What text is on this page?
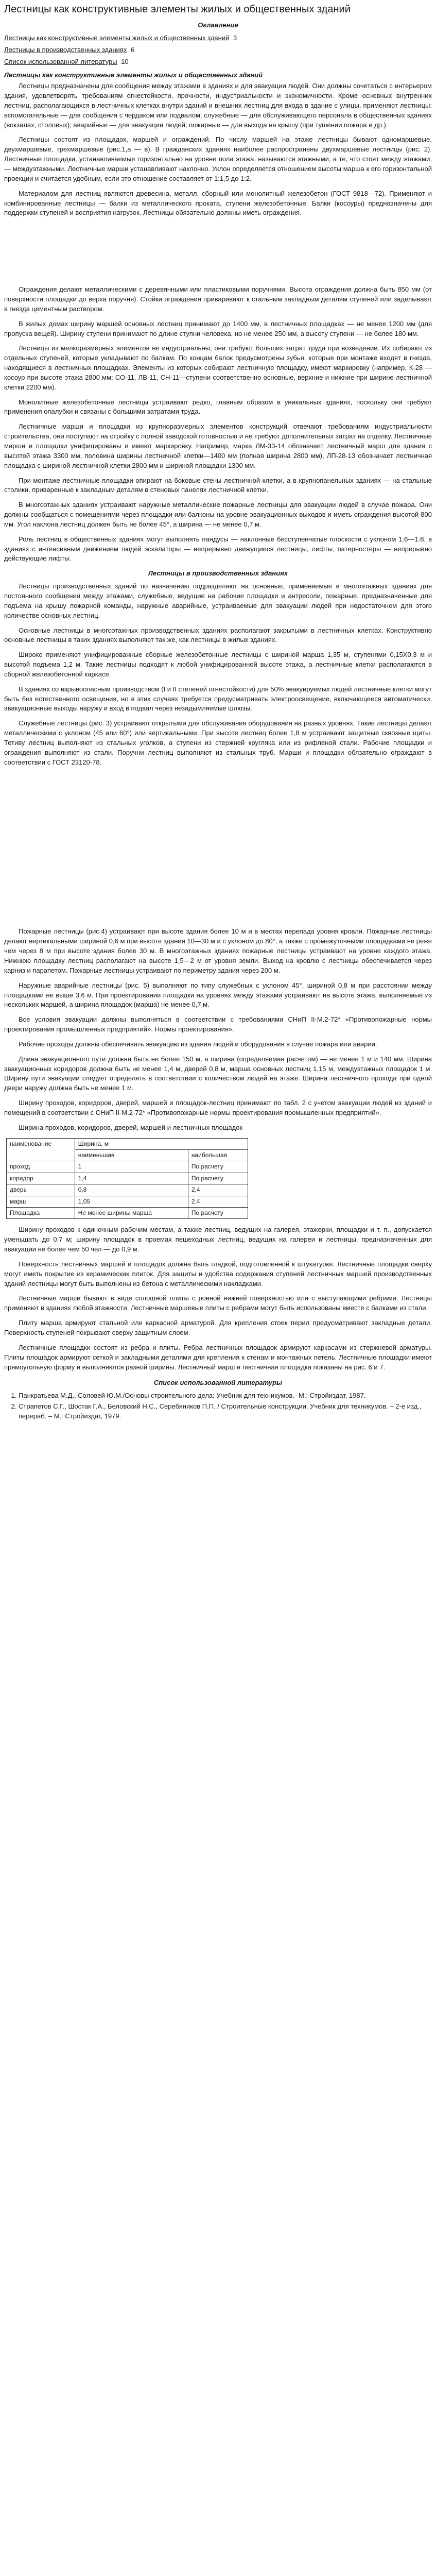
Лестницы как конструктивные элементы жилых и общественных зданий
Оглавление
Лестницы как конструктивные элементы жилых и общественных зданий 3
Лестницы в производственных зданиях 6
Список использованной литературы 10
Лестницы как конструктивные элементы жилых и общественных зданий

Лестницы предназначены для сообщения между этажами в зданиях и для эвакуации людей. Они должны сочетаться с интерьером здания, удовлетворять требованиям огнестойкости, прочности, индустриальности и экономичности. Кроме основных внутренних лестниц, располагающихся в лестничных клетках внутри зданий и внешних лестниц для входа в здание с улицы, применяют лестницы: вспомогательные — для сообщения с чердаком или подвалом; служебные — для обслуживающего персонала в общественных зданиях (вокзалах, столовых); аварийные — для эвакуации людей; пожарные — для выхода на крышу (при тушении пожара и др.).

Лестницы состоят из площадок, маршей и ограждений. По числу маршей на этаже лестницы бывают одномаршевые, двухмаршевые, трехмаршевые (рис.1,а — в). В гражданских зданиях наиболее распространены двухмаршевые лестницы (рис. 2). Лестничные площадки, устанавливаемые горизонтально на уровне пола этажа, называются этажными, а те, что стоят между этажами, — междуэтажными. Лестничные марши устанавливают наклонно. Уклон определяется отношением высоты марша к его горизонтальной проекции и считается удобным, если это отношение составляет от 1:1,5 до 1:2.

Материалом для лестниц являются древесина, металл, сборный или монолитный железобетон (ГОСТ 9818—72). Применяют и комбинированные лестницы — балки из металлического проката, ступени железобетонные. Балки (косоуры) предназначены для поддержки ступеней и восприятия нагрузок. Лестницы обязательно должны иметь ограждения.

Ограждения делают металлическими с деревянными или пластиковыми поручнями. Высота ограждения должна быть 850 мм (от поверхности площадки до верха поручня). Стойки ограждения приваривают к стальным закладным деталям ступеней или заделывают в гнезда цементным раствором.

В жилых домах ширину маршей основных лестниц принимают до 1400 мм, в лестничных площадках — не менее 1200 мм (для пропуска вещей). Ширину ступени принимают по длине ступни человека, но не менее 250 мм, а высоту ступени — не более 180 мм.

Лестницы из мелкоразмерных элементов не индустриальны, они требуют больших затрат труда при возведении. Их собирают из отдельных ступеней, которые укладывают по балкам. По концам балок предусмотрены зубья, которые при монтаже входят в гнезда, находящиеся в лестничных площадках. Элементы из которых собирают лестничную площадку, имеют маркировку (например, К-28 — косоур при высоте этажа 2800 мм; СО-11, ЛВ-11, СН-11—ступени соответственно основные, верхние и нижние при ширине лестничной клетки 2200 мм).

Монолитные железобетонные лестницы устраивают редко, главным образом в уникальных зданиях, поскольку они требуют применения опалубки и связаны с большими затратами труда.

Лестничные марши и площадки из крупноразмерных элементов конструкций отвечают требованиям индустриальности строительства, они поступают на стройку с полной заводской готовностью и не требуют дополнительных затрат на отделку. Лестничные марши и площадки унифицированы и имеют маркировку. Например, марка ЛМ-33-14 обозначает лестничный марш для здания с высотой этажа 3300 мм, половина ширины лестничной клетки—1400 мм (полная ширина 2800 мм), ЛП-28-13 обозначает лестничная площадка с шириной лестничной клетки 2800 мм и шириной площадки 1300 мм.

При монтаже лестничные площадки опирают на боковые стены лестничной клетки, а в крупнопанельных зданиях — на стальные столики, приваренные к закладным деталям в стеновых панелях лестничной клетки.

В многоэтажных зданиях устраивают наружные металлические пожарные лестницы для эвакуации людей в случае пожара. Они должны сообщаться с помещениями через площадки или балконы на уровне эвакуационных выходов и иметь ограждения высотой 800 мм. Угол наклона лестниц должен быть не более 45°, а ширина — не менее 0,7 м.

Роль лестниц в общественных зданиях могут выполнять пандусы — наклонные бесступенчатые плоскости с уклоном 1:6—1:8, в зданиях с интенсивным движением людей эскалаторы — непрерывно движущиеся лестницы, лифты, патерностеры — непрерывно действующие лифты.

Лестницы в производственных зданиях

Лестницы производственных зданий по назначению подразделяют на основные, применяемые в многоэтажных зданиях для постоянного сообщения между этажами, служебные, ведущие на рабочие площадки и антресоли, пожарные, предназначенные для подъема на крышу пожарной команды, наружные аварийные, устраиваемые для эвакуации людей при недостаточном для этого количестве основных лестниц.

Основные лестницы в многоэтажных производственных зданиях располагают закрытыми в лестничных клетках. Конструктивно основные лестницы в таких зданиях выполняют так же, как лестницы в жилых зданиях.

Широко применяют унифицированные сборные железобетонные лестницы с шириной марша 1,35 м, ступенями 0,15Х0,3 м и высотой подъема 1,2 м. Такие лестницы подходят к любой унифицированной высоте этажа, а лестничные клетки располагаются в сборной железобетонной каркасе.

В зданиях со взрывоопасным производством (I и II степеней огнестойкости) для 50% эвакуируемых людей лестничные клетки могут быть без естественного освещения, но в этих случаях требуется предусматривать электроосвещение, включающееся автоматически, эвакуационные выходы наружу и вход в подвал через незадымляемые шлюзы.

Служебные лестницы (рис. 3) устраивают открытыми для обслуживания оборудования на разных уровнях. Такие лестницы делают металлическими с уклоном (45 или 60°) или вертикальными. При высоте лестниц более 1,8 м устраивают защитные сквозные щиты. Тетиву лестниц выполняют из стальных уголков, а ступени из стержней кругляка или из рифленой стали. Рабочие площадки и ограждения выполняют из стали. Поручни лестниц выполняют из стальных труб. Марши и площадки обязательно ограждают в соответствии с ГОСТ 23120-78.

Пожарные лестницы (рис.4) устраивают при высоте здания более 10 м и в местах перепада уровня кровли. Пожарные лестницы делают вертикальными шириной 0,6 м при высоте здания 10—30 м и с уклоном до 80°, а также с промежуточными площадками не реже чем через 8 м при высоте здания более 30 м. В многоэтажных зданиях пожарные лестницы устраивают на уровне каждого этажа. Нижнюю площадку лестниц располагают на высоте 1,5—2 м от уровня земли. Выход на кровлю с лестницы обеспечивается через карниз и парапетом. Пожарные лестницы устраивают по периметру здания через 200 м.

Наружные аварийные лестницы (рис. 5) выполняют по типу служебных с уклоном 45°, шириной 0,8 м при расстоянии между площадками не выше 3,6 м. При проектировании площадки на уровнях между этажами устраивают на высоте этажа, выполняемые из нескольких маршей, а ширина площадок (марша) не менее 0,7 м.

Все условия эвакуации должны выполняться в соответствии с требованиями СНиП II-М.2-72* «Противопожарные нормы проектирования промышленных предприятий». Нормы проектирования».

Рабочие проходы должны обеспечивать эвакуацию из здания людей и оборудования в случае пожара или аварии.

Длина эвакуационного пути должна быть не более 150 м, а ширина (определяемая расчетом) — не менее 1 м и 140 мм. Ширина эвакуационных коридоров должна быть не менее 1,4 м, дверей 0,8 м, марша основных лестниц 1,15 м, междуэтажных площадок 1 м. Ширину пути эвакуации следует определять в соответствии с количеством людей на этаже. Ширина лестничного прохода при одной двери наружу должна быть не менее 1 м.

Ширину проходов, коридоров, дверей, маршей и площадок-лестниц принимают по табл. 2 с учетом эвакуации людей из зданий и помещений в соответствии с СНиП II-М.2-72* «Противопожарные нормы проектирования промышленных предприятий».

Ширина проходов, коридоров, дверей, маршей и лестничных площадок

наименование	Ширина, м	
	наименьшая	наибольшая
проход	1	По расчету
коридор	1,4	По расчету
дверь	0,8	2,4
марш	1,05	2,4
Площадка	Не менее ширины марша	По расчету

Ширину проходов к одиночным рабочим местам, а также лестниц, ведущих на галерея, этажерки, площадки и т. п., допускается уменьшать до 0,7 м; ширину площадок в проемах пешеходных лестниц, ведущих на галереи и лестницы, предназначенных для эвакуации не более чем 50 чел — до 0,9 м.

Поверхность лестничных маршей и площадок должна быть гладкой, подготовленной к штукатурке. Лестничные площадки сверху могут иметь покрытие из керамических плиток. Для защиты и удобства содержания ступеней лестничных маршей производственных зданий лестницы могут быть выполнены из бетона с металлическими накладками.

Лестничные марши бывают в виде сплошной плиты с ровной нижней поверхностью или с выступающими ребрами. Лестницы применяют в зданиях любой этажности. Лестничные маршевые плиты с ребрами могут быть использованы вместе с балками из стали.

Плиту марша армируют стальной или каркасной арматурой. Для крепления стоек перил предусматривают закладные детали. Поверхность ступеней покрывают сверху защитным слоем.

Лестничные площадки состоят из ребра и плиты. Ребра лестничных площадок армируют каркасами из стержневой арматуры. Плиты площадок армируют сеткой и закладными деталями для крепления к стенам и монтажных петель. Лестничные площадки имеют прямоугольную форму и выполняются разной ширины. Лестничный марш и лестничная площадка показаны на рис. 6 и 7.

Список использованной литературы
1. Панкратьева М.Д., Соловей Ю.М./Основы строительного дела: Учебник для техникумов. -М.: Стройиздат, 1987.
2. Страпетов С.Г., Шостак Г.А., Беловский Н.С., Серебяников П.П. / Строительные конструкции: Учебник для техникумов. – 2-е изд., перераб. – М.: Стройиздат, 1979.
